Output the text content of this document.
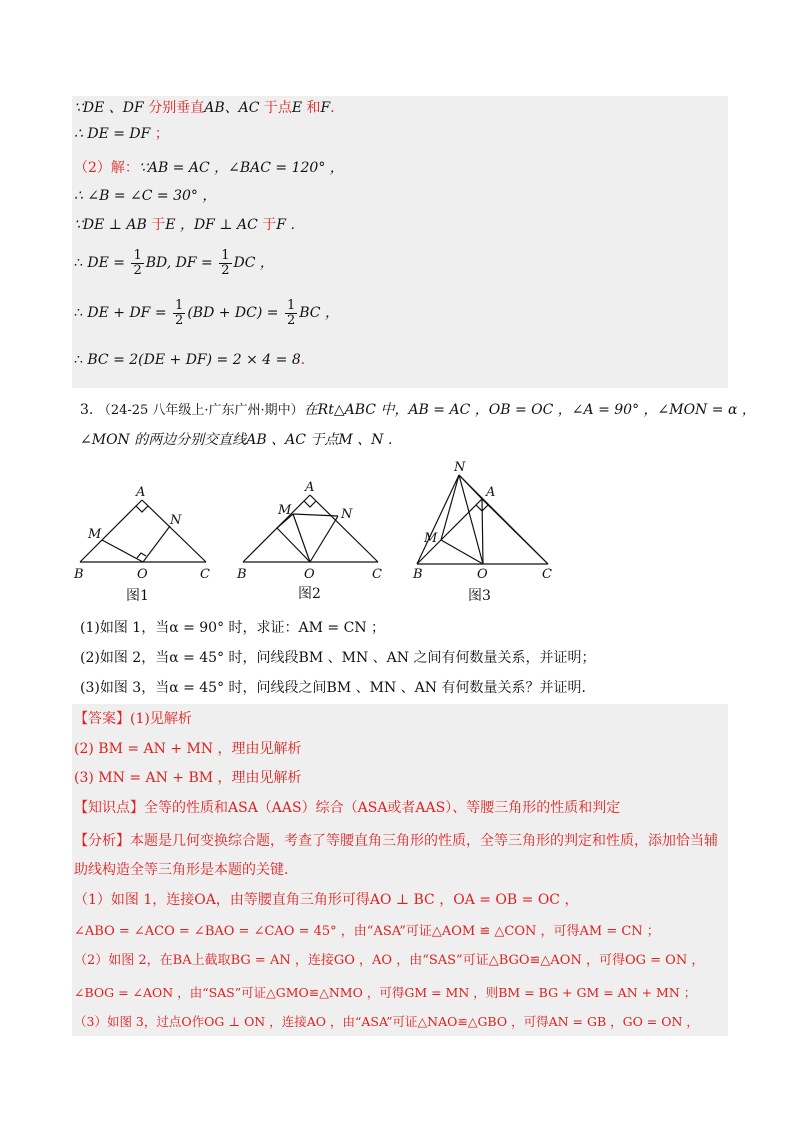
∵DE 、DF 分别垂直AB、AC 于点E 和F．
∴ DE = DF ；
（2）解：∵AB = AC ，∠BAC = 120° ，
∴ ∠B = ∠C = 30° ，
∵DE ⊥ AB 于E ，DF ⊥ AC 于F ．
∴ DE = $\frac{1}{2}$ BD, DF = $\frac{1}{2}$ DC ，
∴ DE + DF = $\frac{1}{2} (BD + DC) = \frac{1}{2}$ BC ，
∴ BC = 2(DE + DF) = 2 × 4 = 8．
3. （24-25 八年级上·广东广州·期中）在Rt△ABC 中，AB = AC ，OB = OC ，∠A = 90° ，∠MON = α ，
∠MON 的两边分别交直线AB 、AC 于点M 、N ．
A
M
N
B	O	C
图1
A
M	N
B	O	C
图2
N
A
M
B	O	C
图3
(1)如图 1，当α = 90° 时，求证：AM = CN ；
(2)如图 2，当α = 45° 时，问线段BM 、MN 、AN 之间有何数量关系，并证明；
(3)如图 3，当α = 45° 时，问线段之间BM 、MN 、AN 有何数量关系？并证明．
【答案】(1)见解析
(2) BM = AN + MN ，理由见解析
(3) MN = AN + BM ，理由见解析
【知识点】全等的性质和ASA（AAS）综合（ASA或者AAS）、等腰三角形的性质和判定
【分析】本题是几何变换综合题，考查了等腰直角三角形的性质，全等三角形的判定和性质，添加恰当辅
助线构造全等三角形是本题的关键．
（1）如图 1，连接OA，由等腰直角三角形可得AO ⊥ BC ，OA = OB = OC ，
∠ABO = ∠ACO = ∠BAO = ∠CAO = 45° ，由“ASA”可证△AOM ≌ △CON ，可得AM = CN ；
（2）如图 2，在BA上截取BG = AN ，连接GO ，AO ，由“SAS”可证△BGO≌△AON ，可得OG = ON ，
∠BOG = ∠AON ，由“SAS”可证△GMO≌△NMO ，可得GM = MN ，则BM = BG + GM = AN + MN ；
（3）如图 3，过点O作OG ⊥ ON ，连接AO ，由“ASA”可证△NAO≌△GBO ，可得AN = GB ，GO = ON ，
